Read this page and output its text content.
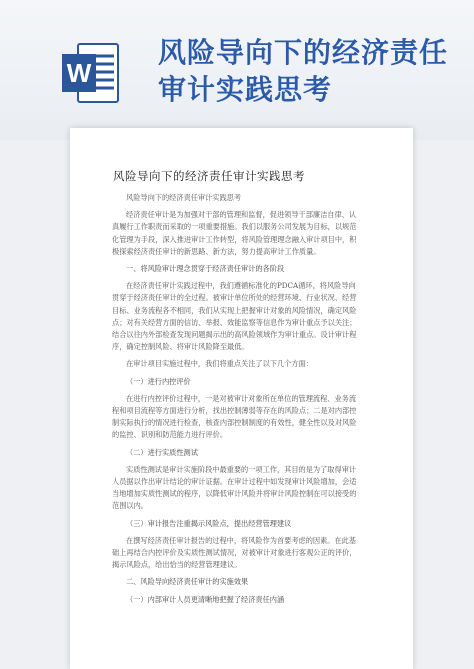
W
风险导向下的经济责任审计实践思考
风险导向下的经济责任审计实践思考

风险导向下的经济责任审计实践思考

经济责任审计是为加强对干部的管理和监督，促进领导干部廉洁自律、认真履行工作职责而采取的一项重要措施。我们以服务公司发展为目标，以规范化管理为手段，深入推进审计工作转型，将风险管理理念融入审计项目中，积极探索经济责任审计的新思路、新方法，努力提高审计工作质量。

一、将风险审计理念贯穿于经济责任审计的各阶段

在经济责任审计实践过程中，我们遵循标准化的PDCA循环，将风险导向贯穿于经济责任审计的全过程。被审计单位所处的经营环境、行业状况、经营目标、业务流程各不相同，我们从实现上把握审计对象的风险情况，确定风险点；对有关经营方面的信访、举报、效能监察等信息作为审计重点予以关注；结合以往内外部检查发现问题揭示出的高风险领域作为审计重点。设计审计程序，确定控制风险、将审计风险降至最低。

在审计项目实施过程中，我们将重点关注了以下几个方面：

（一）进行内控评价

在进行内控评价过程中，一是对被审计对象所在单位的管理流程、业务流程和项目流程等方面进行分析，找出控制薄弱等存在的风险点；二是对内部控制实际执行的情况进行检查，核查内部控制制度的有效性，健全性以及对风险的监控、识别和防范能力进行评价。

（二）进行实质性测试

实质性测试是审计实施阶段中最重要的一项工作，其目的是为了取得审计人员据以作出审计结论的审计证据。在审计过程中如发现审计风险增加，会适当地增加实质性测试的程序，以降低审计风险并将审计风险控制在可以接受的范围以内。

（三）审计报告注重揭示风险点，提出经营管理建议

在撰写经济责任审计报告的过程中，将风险作为首要考虑的因素。在此基础上再结合内控评价及实质性测试情况，对被审计对象进行客观公正的评价，揭示风险点，给出恰当的经营管理建议。

二、风险导向经济责任审计的实施效果

（一）内部审计人员更清晰地把握了经济责任内涵
